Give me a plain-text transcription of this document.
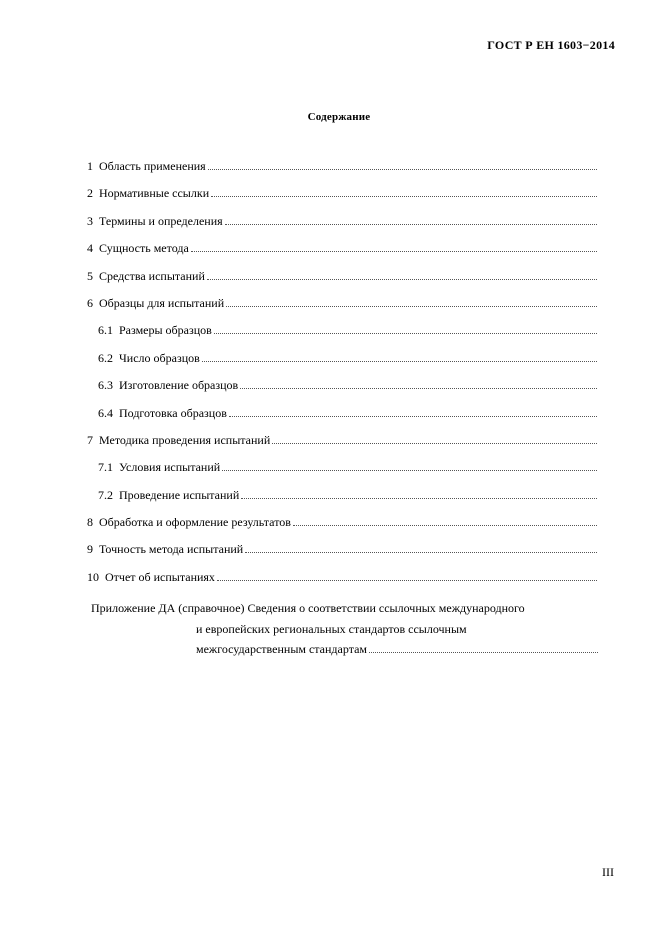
ГОСТ Р ЕН 1603−2014
Содержание
1 Область применения
2 Нормативные ссылки
3 Термины и определения
4 Сущность метода
5 Средства испытаний
6 Образцы для испытаний
6.1 Размеры образцов
6.2 Число образцов
6.3 Изготовление образцов
6.4 Подготовка образцов
7 Методика проведения испытаний
7.1 Условия испытаний
7.2 Проведение испытаний
8 Обработка и оформление результатов
9 Точность метода испытаний
10 Отчет об испытаниях
Приложение ДА (справочное) Сведения о соответствии ссылочных международного
и европейских региональных стандартов ссылочным
межгосударственным стандартам
III
